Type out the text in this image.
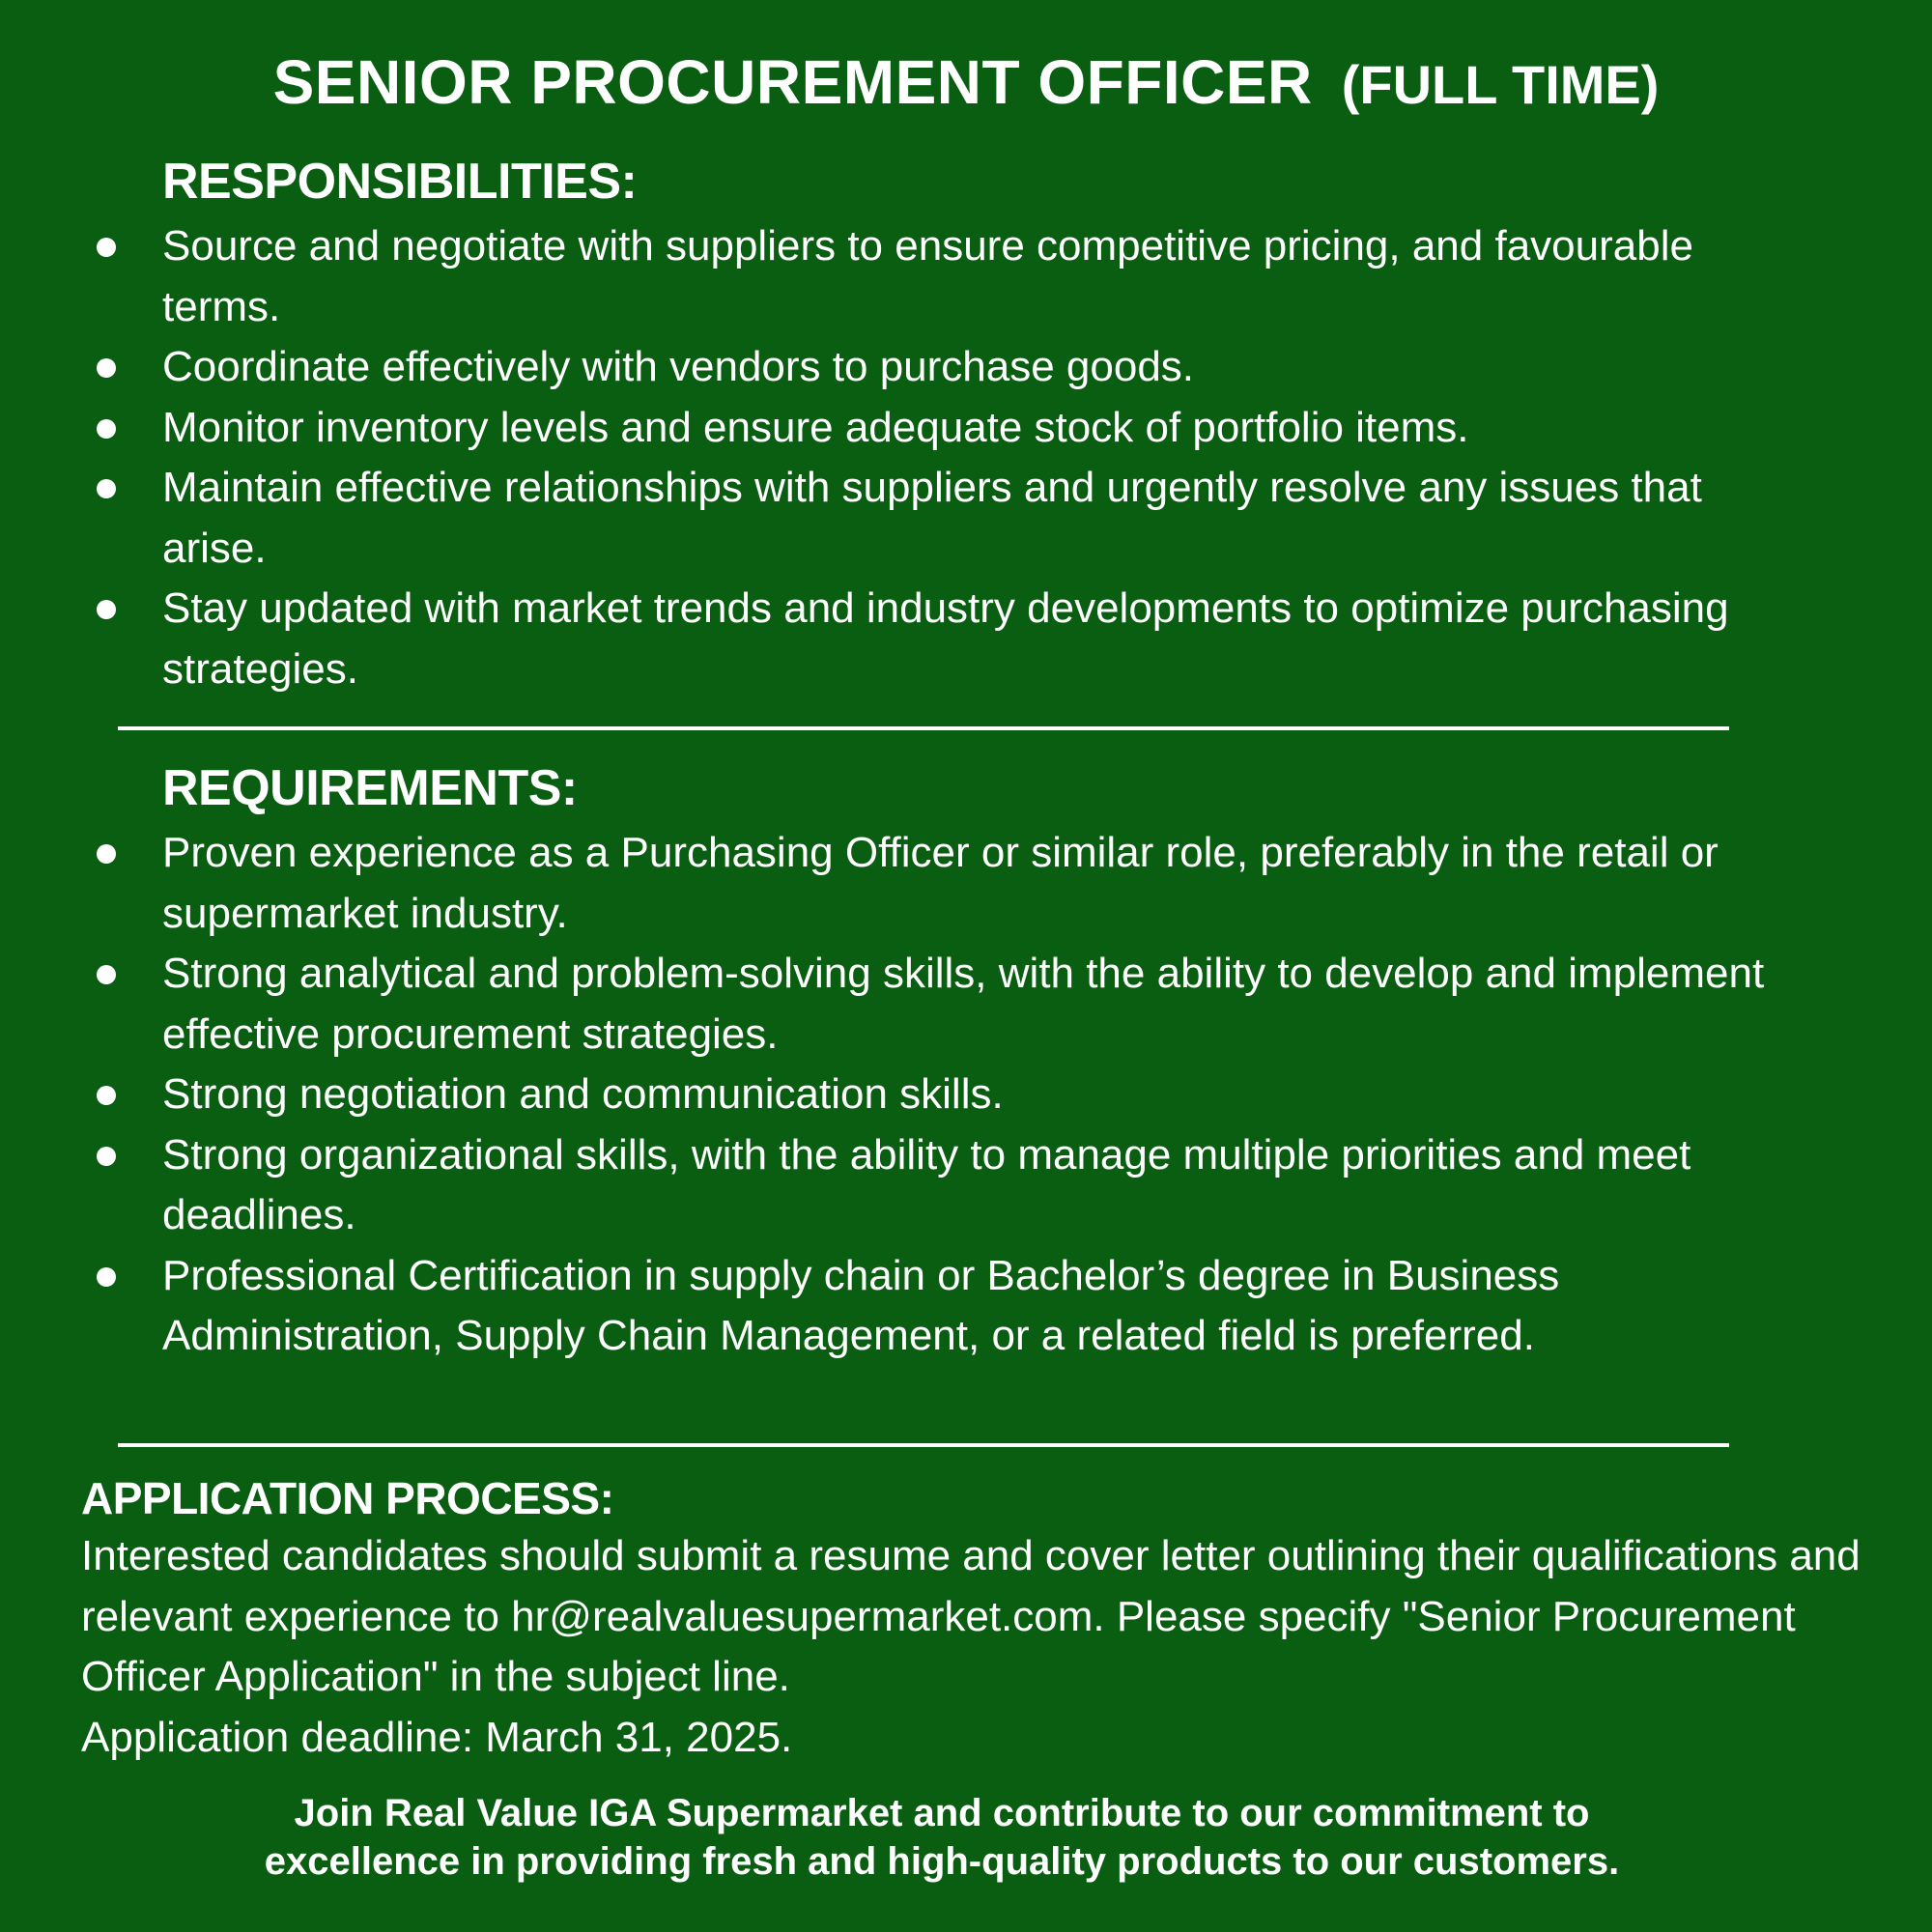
SENIOR PROCUREMENT OFFICER (FULL TIME)
RESPONSIBILITIES:
Source and negotiate with suppliers to ensure competitive pricing, and favourable terms.
Coordinate effectively with vendors to purchase goods.
Monitor inventory levels and ensure adequate stock of portfolio items.
Maintain effective relationships with suppliers and urgently resolve any issues that arise.
Stay updated with market trends and industry developments to optimize purchasing strategies.
REQUIREMENTS:
Proven experience as a Purchasing Officer or similar role, preferably in the retail or supermarket industry.
Strong analytical and problem-solving skills, with the ability to develop and implement effective procurement strategies.
Strong negotiation and communication skills.
Strong organizational skills, with the ability to manage multiple priorities and meet deadlines.
Professional Certification in supply chain or Bachelor’s degree in Business Administration, Supply Chain Management, or a related field is preferred.
APPLICATION PROCESS:

Interested candidates should submit a resume and cover letter outlining their qualifications and relevant experience to hr@realvaluesupermarket.com. Please specify "Senior Procurement Officer Application" in the subject line.

Application deadline: March 31, 2025.

Join Real Value IGA Supermarket and contribute to our commitment to

excellence in providing fresh and high-quality products to our customers.
